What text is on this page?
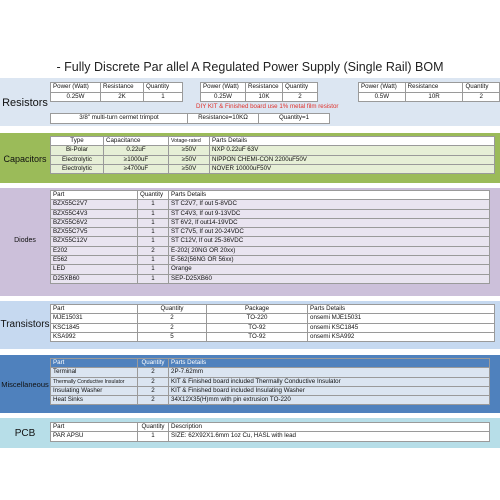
- Fully Discrete Par allel A Regulated Power Supply (Single Rail) BOM
Resistors
Power (Watt)	Resistance	Quantity
0.25W	2K	1
Power (Watt)	Resistance	Quantity
0.25W	10K	2
Power (Watt)	Resistance	Quantity
0.5W	10R	2
DIY KIT & Finished board use 1% metal film resistor
3/8" multi-turn cermet trimpot	Resistance=10KΩ	Quantity=1
Capacitors
Type	Capacitance	Votage-rated	Parts Details
Bi-Polar	0.22uF	≥50V	NXP 0.22uF 63V
Electrolytic	≥1000uF	≥50V	NIPPON CHEMI-CON 2200uF50V
Electrolytic	≥4700uF	≥50V	NOVER 10000uF50V
Diodes
Part	Quantity	Parts Details
BZX55C2V7	1	ST C2V7, If out 5-8VDC
BZX55C4V3	1	ST C4V3, If out 9-13VDC
BZX55C6V2	1	ST 6V2, If out14-19VDC
BZX55C7V5	1	ST C7V5, If out 20-24VDC
BZX55C12V	1	ST C12V, If out 25-36VDC
E202	2	E-202( 20NG OR 20xx)
E562	1	E-562(56NG OR 56xx)
LED	1	Orange
D25XB60	1	SEP-D25XB60
Transistors
Part	Quantity	Package	Parts Details
MJE15031	2	TO-220	onsemi MJE15031
KSC1845	2	TO-92	onsemi KSC1845
KSA992	5	TO-92	onsemi KSA992
Miscellaneous
Part	Quantity	Parts Details
Terminal	2	2P-7.62mm
Thermally Conductive Insulator	2	KIT & Finished board included Thermally Conductive Insulator
Insulating Washer	2	KIT & Finished board included Insulating Washer
Heat Sinks	2	34X12X35(H)mm with pin extrusion TO-220
PCB
Part	Quantity	Description
PAR APSU	1	SIZE: 62X92X1.6mm 1oz Cu, HASL with lead
